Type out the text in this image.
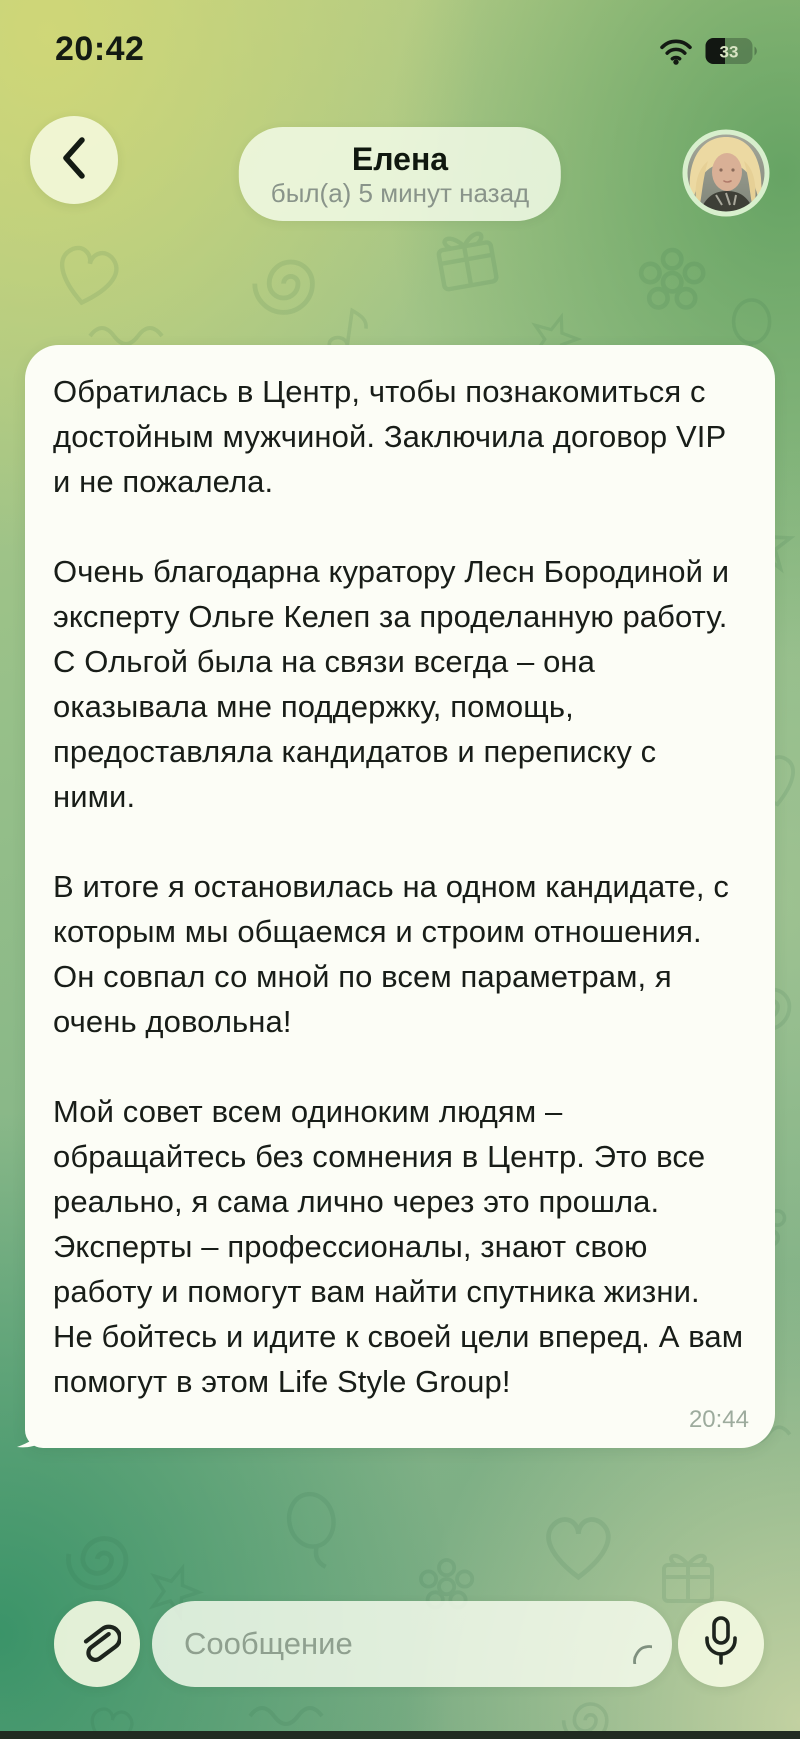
20:42	33
Елена
был(а) 5 минут назад

Обратилась в Центр, чтобы познакомиться с достойным мужчиной. Заключила договор VIP и не пожалела.

Очень благодарна куратору Лесн Бородиной и эксперту Ольге Келеп за проделанную работу. С Ольгой была на связи всегда – она оказывала мне поддержку, помощь, предоставляла кандидатов и переписку с ними.

В итоге я остановилась на одном кандидате, с которым мы общаемся и строим отношения. Он совпал со мной по всем параметрам, я очень довольна!

Мой совет всем одиноким людям – обращайтесь без сомнения в Центр. Это все реально, я сама лично через это прошла. Эксперты – профессионалы, знают свою работу и помогут вам найти спутника жизни. Не бойтесь и идите к своей цели вперед. А вам помогут в этом Life Style Group!

20:44
Сообщение
